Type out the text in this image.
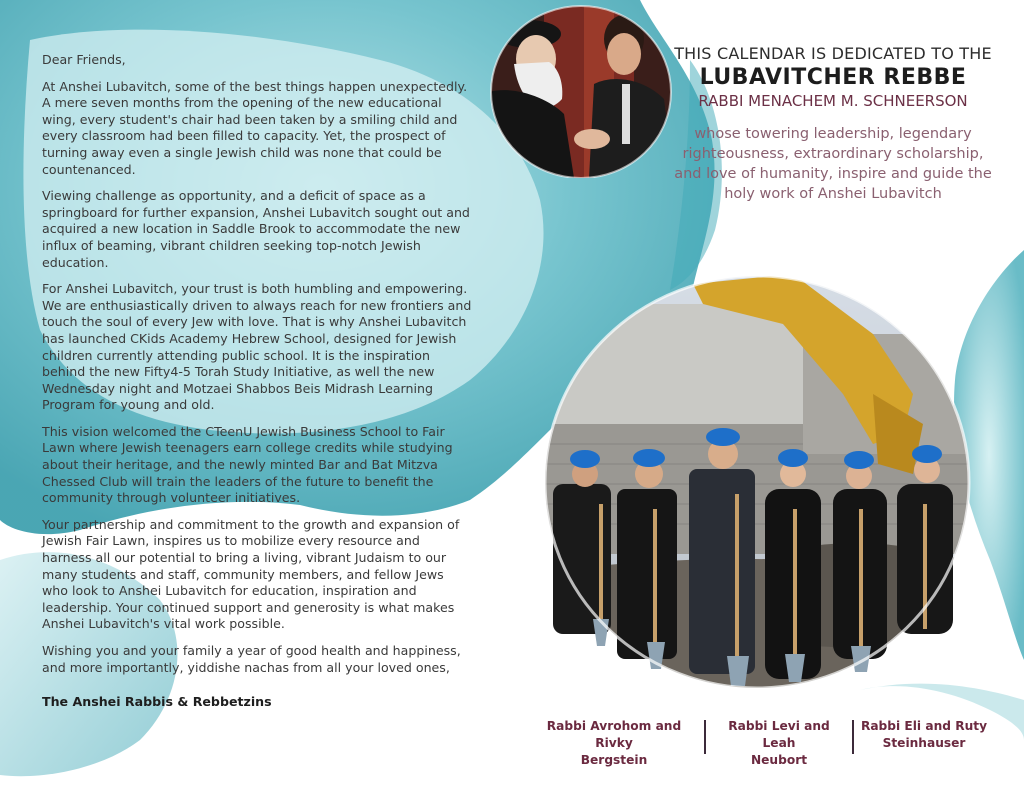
Dear Friends,

At Anshei Lubavitch, some of the best things happen unexpectedly. A mere seven months from the opening of the new educational wing, every student's chair had been taken by a smiling child and every classroom had been filled to capacity. Yet, the prospect of turning away even a single Jewish child was none that could be countenanced.

Viewing challenge as opportunity, and a deficit of space as a springboard for further expansion, Anshei Lubavitch sought out and acquired a new location in Saddle Brook to accommodate the new influx of beaming, vibrant children seeking top-notch Jewish education.

For Anshei Lubavitch, your trust is both humbling and empowering. We are enthusiastically driven to always reach for new frontiers and touch the soul of every Jew with love. That is why Anshei Lubavitch has launched CKids Academy Hebrew School, designed for Jewish children currently attending public school. It is the inspiration behind the new Fifty4-5 Torah Study Initiative, as well the new Wednesday night and Motzaei Shabbos Beis Midrash Learning Program for young and old.

This vision welcomed the CTeenU Jewish Business School to Fair Lawn where Jewish teenagers earn college credits while studying about their heritage, and the newly minted Bar and Bat Mitzva Chessed Club will train the leaders of the future to benefit the community through volunteer initiatives.

Your partnership and commitment to the growth and expansion of Jewish Fair Lawn, inspires us to mobilize every resource and harness all our potential to bring a living, vibrant Judaism to our many students and staff, community members, and fellow Jews who look to Anshei Lubavitch for education, inspiration and leadership. Your continued support and generosity is what makes Anshei Lubavitch's vital work possible.

Wishing you and your family a year of good health and happiness, and more importantly, yiddishe nachas from all your loved ones,

The Anshei Rabbis & Rebbetzins

THIS CALENDAR IS DEDICATED TO THE
LUBAVITCHER REBBE
RABBI MENACHEM M. SCHNEERSON
whose towering leadership, legendary righteousness, extraordinary scholarship, and love of humanity, inspire and guide the holy work of Anshei Lubavitch
Rabbi Avrohom and Rivky
Bergstein
Rabbi Levi and Leah
Neubort
Rabbi Eli and Ruty
Steinhauser
